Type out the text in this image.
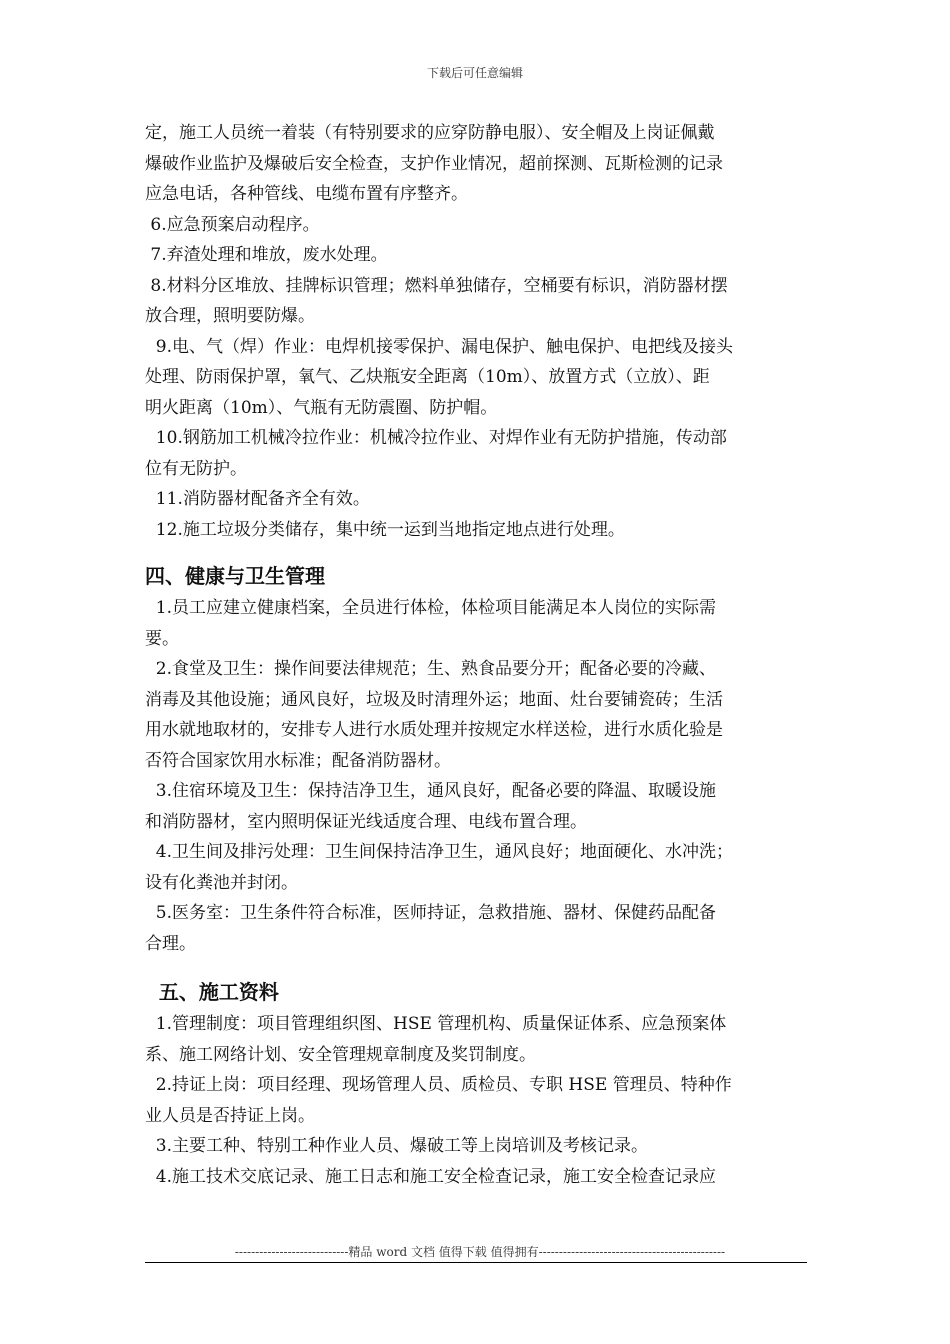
下载后可任意编辑
定，施工人员统一着装（有特别要求的应穿防静电服）、安全帽及上岗证佩戴
爆破作业监护及爆破后安全检查，支护作业情况，超前探测、瓦斯检测的记录
应急电话，各种管线、电缆布置有序整齐。
6.应急预案启动程序。
7.弃渣处理和堆放，废水处理。
8.材料分区堆放、挂牌标识管理；燃料单独储存，空桶要有标识，消防器材摆
放合理，照明要防爆。
9.电、气（焊）作业：电焊机接零保护、漏电保护、触电保护、电把线及接头
处理、防雨保护罩，氧气、乙炔瓶安全距离（10m）、放置方式（立放）、距
明火距离（10m）、气瓶有无防震圈、防护帽。
10.钢筋加工机械冷拉作业：机械冷拉作业、对焊作业有无防护措施，传动部
位有无防护。
11.消防器材配备齐全有效。
12.施工垃圾分类储存，集中统一运到当地指定地点进行处理。
四、健康与卫生管理
1.员工应建立健康档案，全员进行体检，体检项目能满足本人岗位的实际需
要。
2.食堂及卫生：操作间要法律规范；生、熟食品要分开；配备必要的冷藏、
消毒及其他设施；通风良好，垃圾及时清理外运；地面、灶台要铺瓷砖；生活
用水就地取材的，安排专人进行水质处理并按规定水样送检，进行水质化验是
否符合国家饮用水标准；配备消防器材。
3.住宿环境及卫生：保持洁净卫生，通风良好，配备必要的降温、取暖设施
和消防器材，室内照明保证光线适度合理、电线布置合理。
4.卫生间及排污处理：卫生间保持洁净卫生，通风良好；地面硬化、水冲洗；
设有化粪池并封闭。
5.医务室：卫生条件符合标准，医师持证，急救措施、器材、保健药品配备
合理。
五、施工资料
1.管理制度：项目管理组织图、HSE 管理机构、质量保证体系、应急预案体
系、施工网络计划、安全管理规章制度及奖罚制度。
2.持证上岗：项目经理、现场管理人员、质检员、专职 HSE 管理员、特种作
业人员是否持证上岗。
3.主要工种、特别工种作业人员、爆破工等上岗培训及考核记录。
4.施工技术交底记录、施工日志和施工安全检查记录，施工安全检查记录应
----------------------------精品 word 文档 值得下载 值得拥有----------------------------------------------
